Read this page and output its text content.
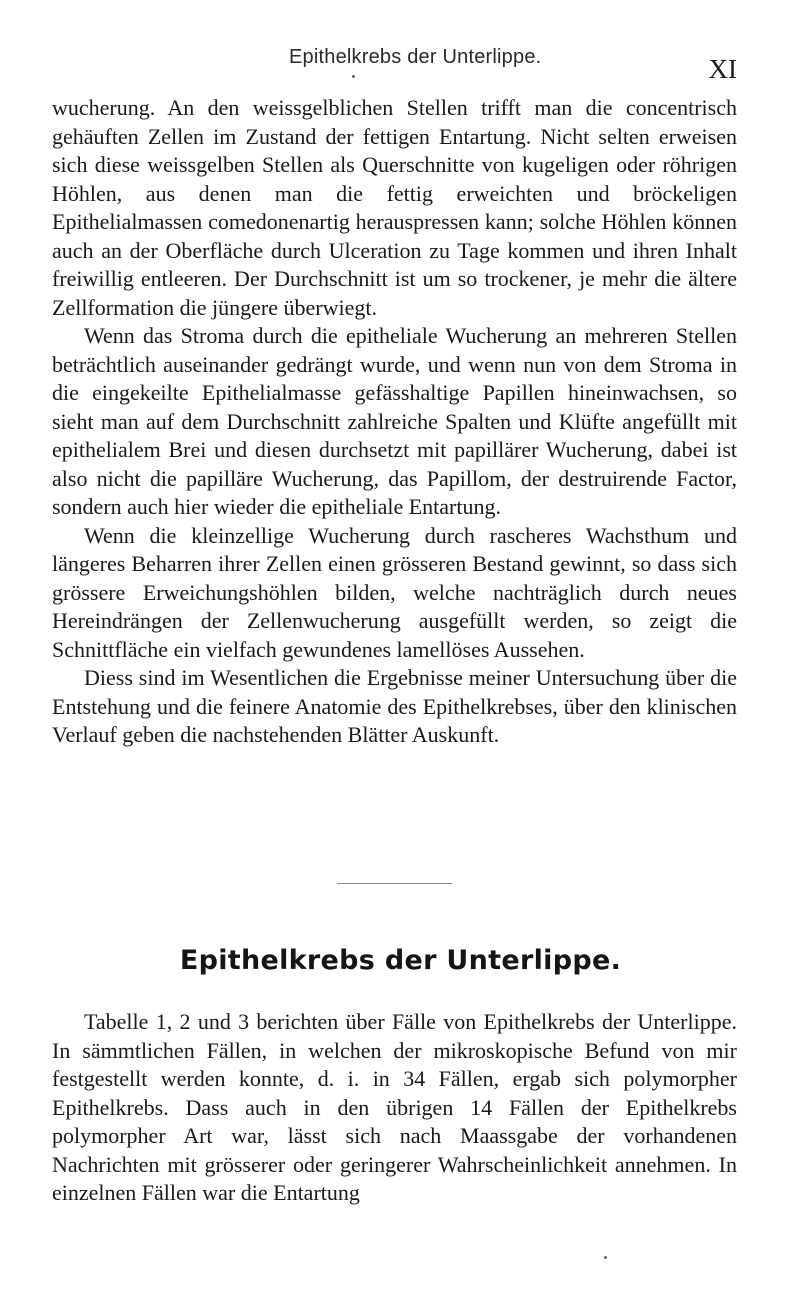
Epithelkrebs der Unterlippe.	XI

wucherung. An den weissgelblichen Stellen trifft man die concentrisch gehäuften Zellen im Zustand der fettigen Entartung. Nicht selten erweisen sich diese weissgelben Stellen als Querschnitte von kugeligen oder röhrigen Höhlen, aus denen man die fettig erweichten und bröckeligen Epithelialmassen comedonenartig herauspressen kann; solche Höhlen können auch an der Oberfläche durch Ulceration zu Tage kommen und ihren Inhalt freiwillig entleeren. Der Durchschnitt ist um so trockener, je mehr die ältere Zellformation die jüngere überwiegt.

Wenn das Stroma durch die epitheliale Wucherung an mehreren Stellen beträchtlich auseinander gedrängt wurde, und wenn nun von dem Stroma in die eingekeilte Epithelialmasse gefässhaltige Papillen hineinwachsen, so sieht man auf dem Durchschnitt zahlreiche Spalten und Klüfte angefüllt mit epithelialem Brei und diesen durchsetzt mit papillärer Wucherung, dabei ist also nicht die papilläre Wucherung, das Papillom, der destruirende Factor, sondern auch hier wieder die epitheliale Entartung.

Wenn die kleinzellige Wucherung durch rascheres Wachsthum und längeres Beharren ihrer Zellen einen grösseren Bestand gewinnt, so dass sich grössere Erweichungshöhlen bilden, welche nachträglich durch neues Hereindrängen der Zellenwucherung ausgefüllt werden, so zeigt die Schnittfläche ein vielfach gewundenes lamellöses Aussehen.

Diess sind im Wesentlichen die Ergebnisse meiner Untersuchung über die Entstehung und die feinere Anatomie des Epithelkrebses, über den klinischen Verlauf geben die nachstehenden Blätter Auskunft.

Epithelkrebs der Unterlippe.

Tabelle 1, 2 und 3 berichten über Fälle von Epithelkrebs der Unterlippe. In sämmtlichen Fällen, in welchen der mikroskopische Befund von mir festgestellt werden konnte, d. i. in 34 Fällen, ergab sich polymorpher Epithelkrebs. Dass auch in den übrigen 14 Fällen der Epithelkrebs polymorpher Art war, lässt sich nach Maassgabe der vorhandenen Nachrichten mit grösserer oder geringerer Wahrscheinlichkeit annehmen. In einzelnen Fällen war die Entartung
